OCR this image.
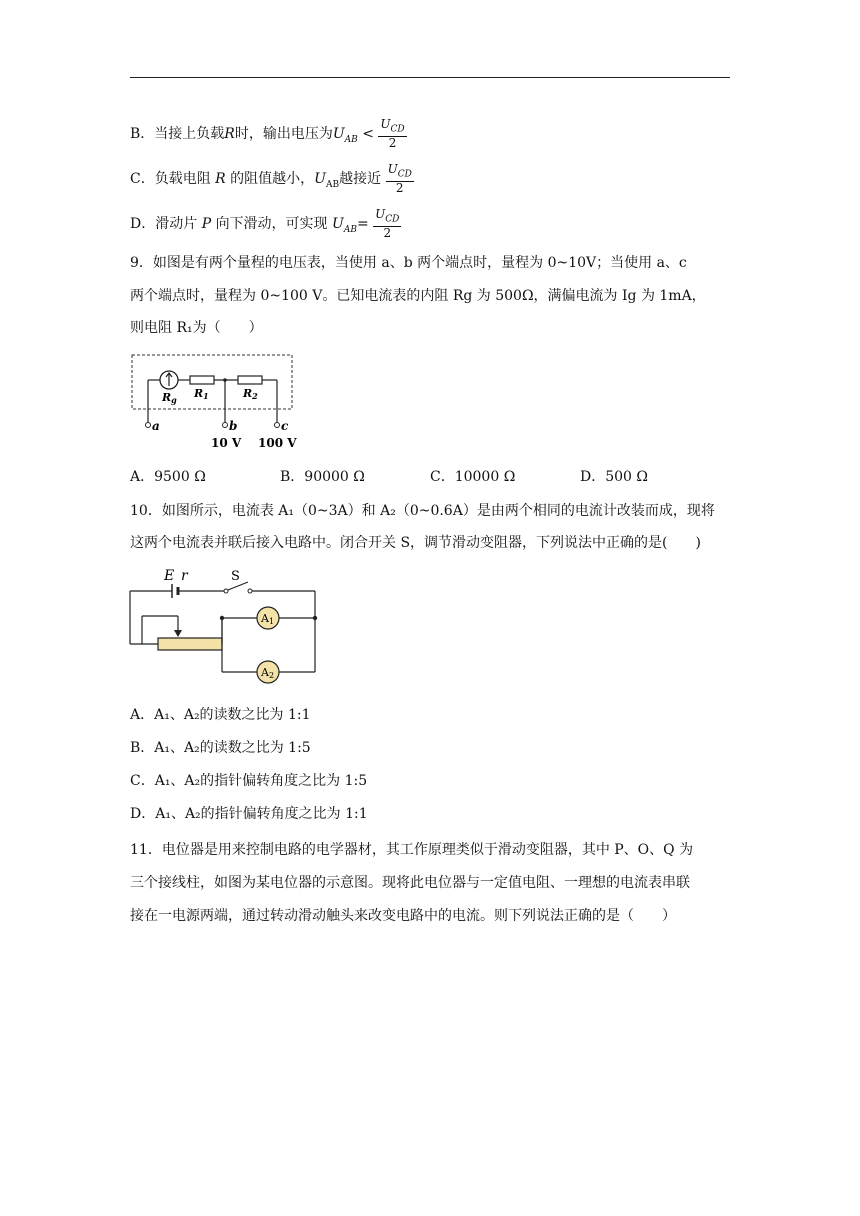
B．当接上负载R时，输出电压为$U_{AB} < \frac{U_{CD}}{2}$
C．负载电阻 R 的阻值越小，$U_{AB}$越接近 $\frac{U_{CD}}{2}$
D．滑动片 P 向下滑动，可实现 $U_{AB}= \frac{U_{CD}}{2}$
9．如图是有两个量程的电压表，当使用 a、b 两个端点时，量程为 0~10V；当使用 a、c
两个端点时，量程为 0~100 V。已知电流表的内阻 Rg 为 500Ω，满偏电流为 Ig 为 1mA，
则电阻 R₁为（　　）
Rg R1	R2
a	b	c
10 V 100 V
A．9500 Ω	B．90000 Ω	C．10000 Ω	D．500 Ω
10．如图所示，电流表 A₁（0~3A）和 A₂（0~0.6A）是由两个相同的电流计改装而成，现将
这两个电流表并联后接入电路中。闭合开关 S，调节滑动变阻器，下列说法中正确的是(　　)
A1
A2
E r	S
A．A₁、A₂的读数之比为 1:1
B．A₁、A₂的读数之比为 1:5
C．A₁、A₂的指针偏转角度之比为 1:5
D．A₁、A₂的指针偏转角度之比为 1:1
11．电位器是用来控制电路的电学器材，其工作原理类似于滑动变阻器，其中 P、O、Q 为
三个接线柱，如图为某电位器的示意图。现将此电位器与一定值电阻、一理想的电流表串联
接在一电源两端，通过转动滑动触头来改变电路中的电流。则下列说法正确的是（　　）
